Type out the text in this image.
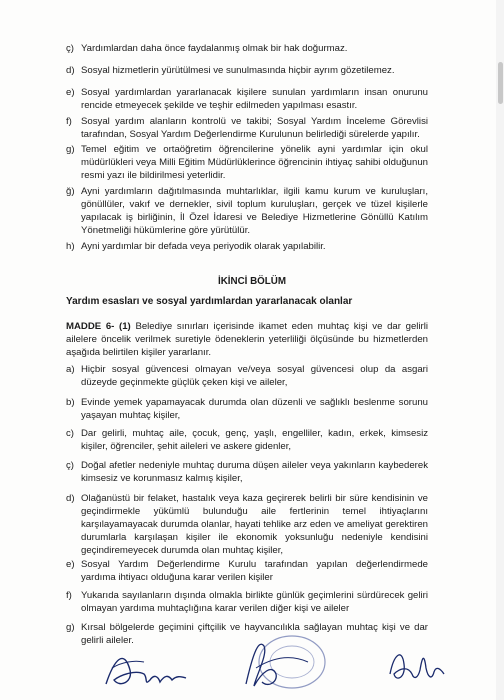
ç) Yardımlardan daha önce faydalanmış olmak bir hak doğurmaz.
d) Sosyal hizmetlerin yürütülmesi ve sunulmasında hiçbir ayrım gözetilemez.
e) Sosyal yardımlardan yararlanacak kişilere sunulan yardımların insan onurunu rencide etmeyecek şekilde ve teşhir edilmeden yapılması esastır.
f) Sosyal yardım alanların kontrolü ve takibi; Sosyal Yardım İnceleme Görevlisi tarafından, Sosyal Yardım Değerlendirme Kurulunun belirlediği sürelerde yapılır.
g) Temel eğitim ve ortaöğretim öğrencilerine yönelik ayni yardımlar için okul müdürlükleri veya Milli Eğitim Müdürlüklerince öğrencinin ihtiyaç sahibi olduğunun resmi yazı ile bildirilmesi yeterlidir.
ğ) Ayni yardımların dağıtılmasında muhtarlıklar, ilgili kamu kurum ve kuruluşları, gönüllüler, vakıf ve dernekler, sivil toplum kuruluşları, gerçek ve tüzel kişilerle yapılacak iş birliğinin, İl Özel İdaresi ve Belediye Hizmetlerine Gönüllü Katılım Yönetmeliği hükümlerine göre yürütülür.
h) Ayni yardımlar bir defada veya periyodik olarak yapılabilir.
İKİNCİ BÖLÜM
Yardım esasları ve sosyal yardımlardan yararlanacak olanlar
MADDE 6- (1) Belediye sınırları içerisinde ikamet eden muhtaç kişi ve dar gelirli ailelere öncelik verilmek suretiyle ödeneklerin yeterliliği ölçüsünde bu hizmetlerden aşağıda belirtilen kişiler yararlanır.
a) Hiçbir sosyal güvencesi olmayan ve/veya sosyal güvencesi olup da asgari düzeyde geçinmekte güçlük çeken kişi ve aileler,
b) Evinde yemek yapamayacak durumda olan düzenli ve sağlıklı beslenme sorunu yaşayan muhtaç kişiler,
c) Dar gelirli, muhtaç aile, çocuk, genç, yaşlı, engelliler, kadın, erkek, kimsesiz kişiler, öğrenciler, şehit aileleri ve askere gidenler,
ç) Doğal afetler nedeniyle muhtaç duruma düşen aileler veya yakınların kaybederek kimsesiz ve korunmasız kalmış kişiler,
d) Olağanüstü bir felaket, hastalık veya kaza geçirerek belirli bir süre kendisinin ve geçindirmekle yükümlü bulunduğu aile fertlerinin temel ihtiyaçlarını karşılayamayacak durumda olanlar, hayati tehlike arz eden ve ameliyat gerektiren durumlarla karşılaşan kişiler ile ekonomik yoksunluğu nedeniyle kendisini geçindiremeyecek durumda olan muhtaç kişiler,
e) Sosyal Yardım Değerlendirme Kurulu tarafından yapılan değerlendirmede yardıma ihtiyacı olduğuna karar verilen kişiler
f) Yukarıda sayılanların dışında olmakla birlikte günlük geçimlerini sürdürecek geliri olmayan yardıma muhtaçlığına karar verilen diğer kişi ve aileler
g) Kırsal bölgelerde geçimini çiftçilik ve hayvancılıkla sağlayan muhtaç kişi ve dar gelirli aileler.
